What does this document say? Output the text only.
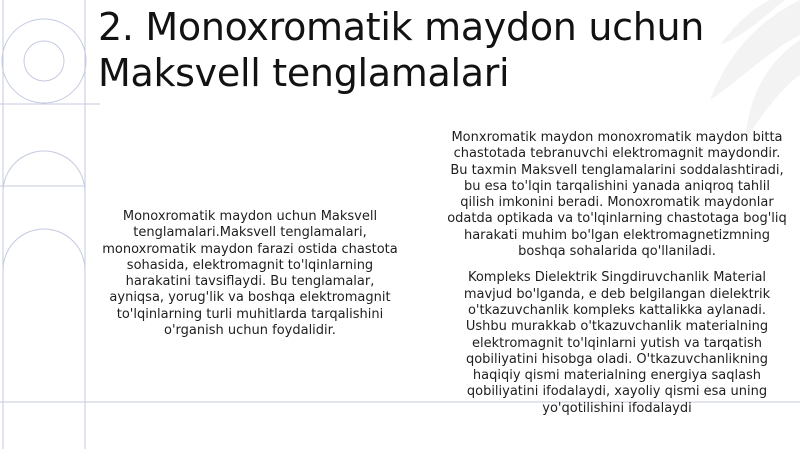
2. Monoxromatik maydon uchun
Maksvell tenglamalari

Monoxromatik maydon uchun Maksvell tenglamalari.Maksvell tenglamalari, monoxromatik maydon farazi ostida chastota sohasida, elektromagnit to'lqinlarning harakatini tavsiflaydi. Bu tenglamalar, ayniqsa, yorug'lik va boshqa elektromagnit to'lqinlarning turli muhitlarda tarqalishini o'rganish uchun foydalidir.

Monxromatik maydon monoxromatik maydon bitta chastotada tebranuvchi elektromagnit maydondir. Bu taxmin Maksvell tenglamalarini soddalashtiradi, bu esa to'lqin tarqalishini yanada aniqroq tahlil qilish imkonini beradi. Monoxromatik maydonlar odatda optikada va to'lqinlarning chastotaga bog'liq harakati muhim bo'lgan elektromagnetizmning boshqa sohalarida qo'llaniladi.

Kompleks Dielektrik Singdiruvchanlik Material mavjud bo'lganda, e deb belgilangan dielektrik o'tkazuvchanlik kompleks kattalikka aylanadi. Ushbu murakkab o'tkazuvchanlik materialning elektromagnit to'lqinlarni yutish va tarqatish qobiliyatini hisobga oladi. O'tkazuvchanlikning haqiqiy qismi materialning energiya saqlash qobiliyatini ifodalaydi, xayoliy qismi esa uning yo'qotilishini ifodalaydi
